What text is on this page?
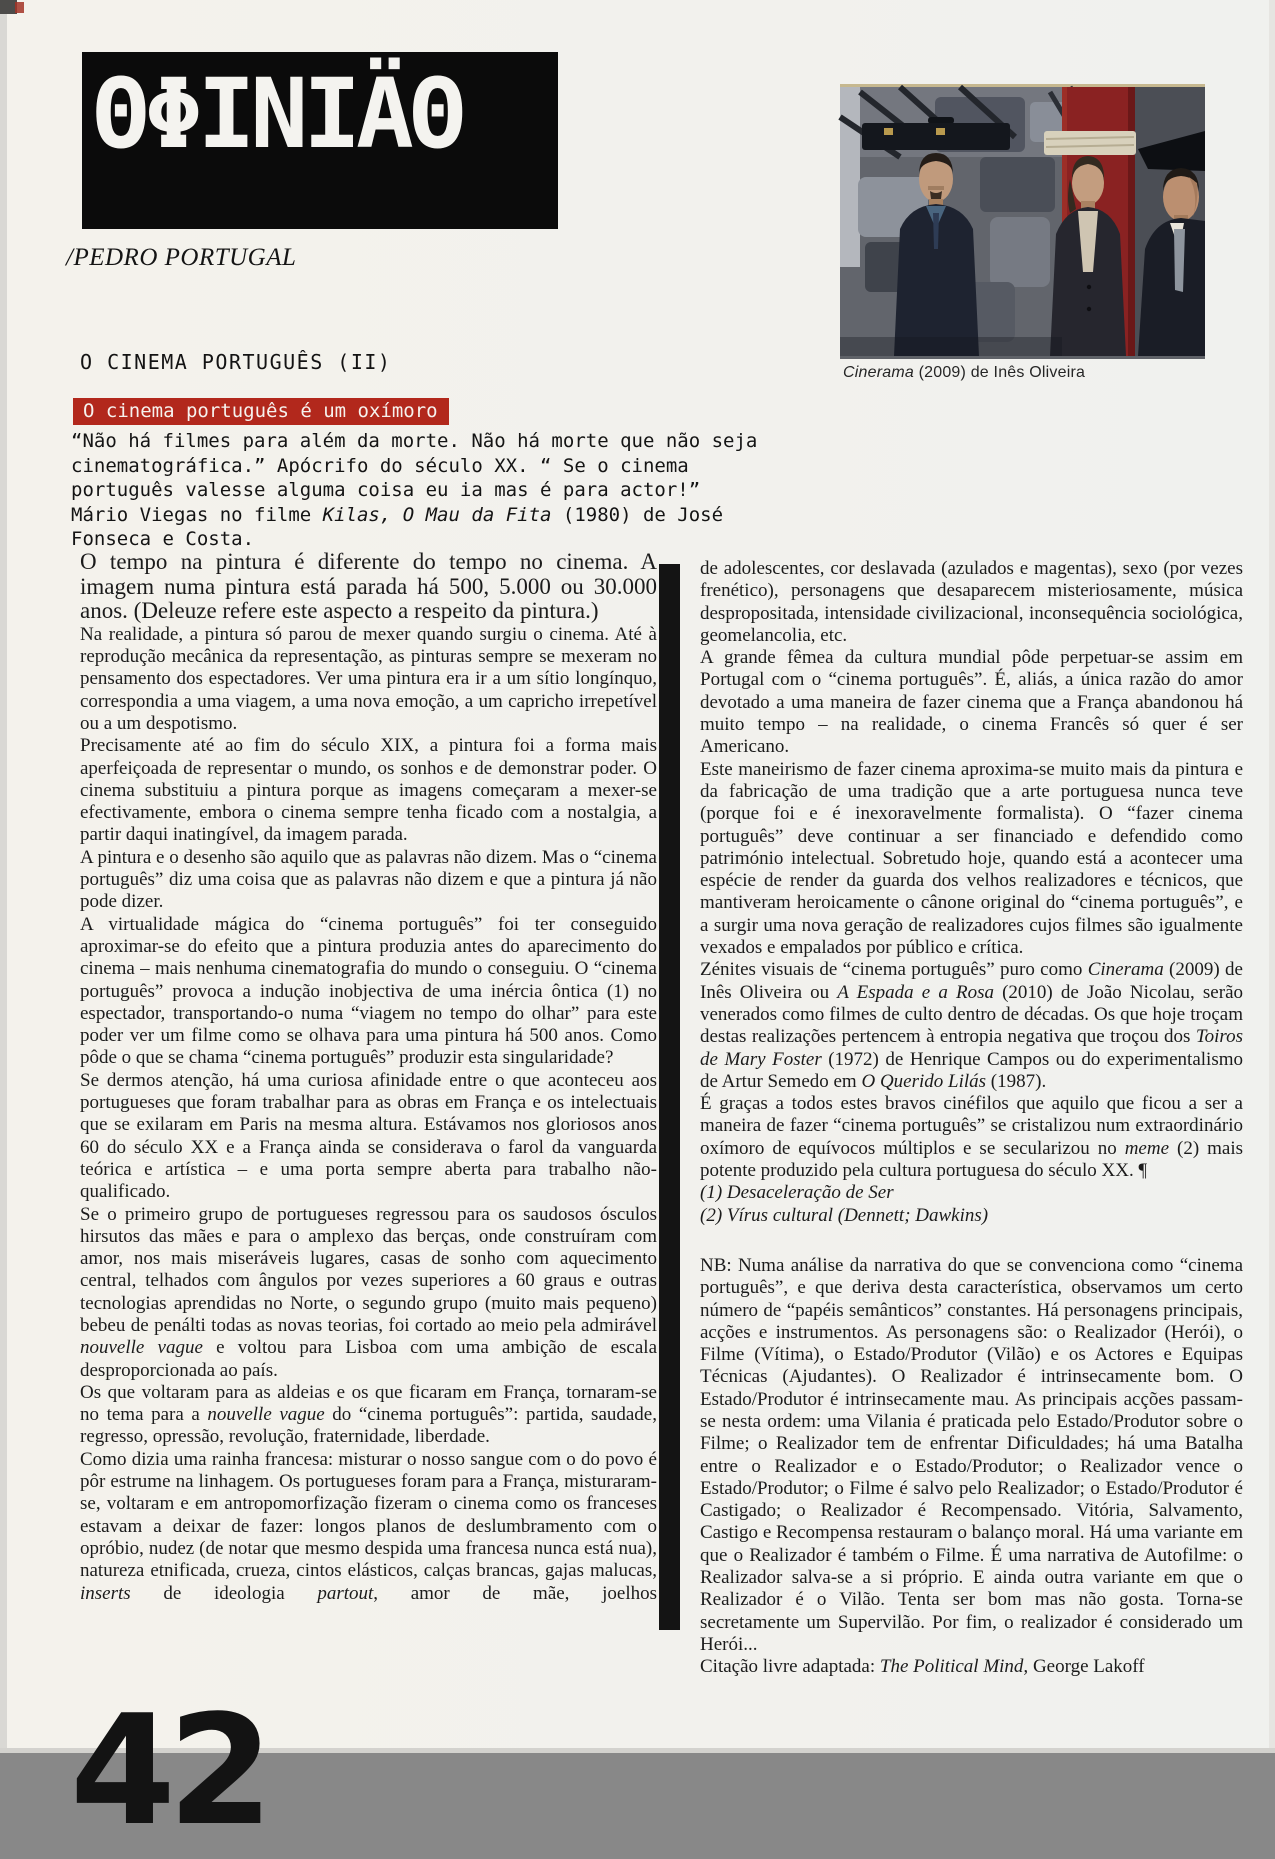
ΘΦINIÄΘ
/PEDRO PORTUGAL
Cinerama (2009) de Inês Oliveira
O CINEMA PORTUGUÊS (II)
O cinema português é um oxímoro
“Não há filmes para além da morte. Não há morte que não seja cinematográfica.” Apócrifo do século XX. “ Se o cinema português valesse alguma coisa eu ia mas é para actor!” Mário Viegas no filme Kilas, O Mau da Fita (1980) de José Fonseca e Costa.

O tempo na pintura é diferente do tempo no cinema. A imagem numa pintura está parada há 500, 5.000 ou 30.000 anos. (Deleuze refere este aspecto a respeito da pintura.)

Na realidade, a pintura só parou de mexer quando surgiu o cinema. Até à reprodução mecânica da representação, as pinturas sempre se mexeram no pensamento dos espectadores. Ver uma pintura era ir a um sítio longínquo, correspondia a uma viagem, a uma nova emoção, a um capricho irrepetível ou a um despotismo.

Precisamente até ao fim do século XIX, a pintura foi a forma mais aperfeiçoada de representar o mundo, os sonhos e de demonstrar poder. O cinema substituiu a pintura porque as imagens começaram a mexer-se efectivamente, embora o cinema sempre tenha ficado com a nostalgia, a partir daqui inatingível, da imagem parada.

A pintura e o desenho são aquilo que as palavras não dizem. Mas o “cinema português” diz uma coisa que as palavras não dizem e que a pintura já não pode dizer.

A virtualidade mágica do “cinema português” foi ter conseguido aproximar-se do efeito que a pintura produzia antes do aparecimento do cinema – mais nenhuma cinematografia do mundo o conseguiu. O “cinema português” provoca a indução inobjectiva de uma inércia ôntica (1) no espectador, transportando-o numa “viagem no tempo do olhar” para este poder ver um filme como se olhava para uma pintura há 500 anos. Como pôde o que se chama “cinema português” produzir esta singularidade?

Se dermos atenção, há uma curiosa afinidade entre o que aconteceu aos portugueses que foram trabalhar para as obras em França e os intelectuais que se exilaram em Paris na mesma altura. Estávamos nos gloriosos anos 60 do século XX e a França ainda se considerava o farol da vanguarda teórica e artística – e uma porta sempre aberta para trabalho não-qualificado.

Se o primeiro grupo de portugueses regressou para os saudosos ósculos hirsutos das mães e para o amplexo das berças, onde construíram com amor, nos mais miseráveis lugares, casas de sonho com aquecimento central, telhados com ângulos por vezes superiores a 60 graus e outras tecnologias aprendidas no Norte, o segundo grupo (muito mais pequeno) bebeu de penálti todas as novas teorias, foi cortado ao meio pela admirável nouvelle vague e voltou para Lisboa com uma ambição de escala desproporcionada ao país.

Os que voltaram para as aldeias e os que ficaram em França, tornaram-se no tema para a nouvelle vague do “cinema português”: partida, saudade, regresso, opressão, revolução, fraternidade, liberdade.

Como dizia uma rainha francesa: misturar o nosso sangue com o do povo é pôr estrume na linhagem. Os portugueses foram para a França, misturaram-se, voltaram e em antropomorfização fizeram o cinema como os franceses estavam a deixar de fazer: longos planos de deslumbramento com o opróbio, nudez (de notar que mesmo despida uma francesa nunca está nua), natureza etnificada, crueza, cintos elásticos, calças brancas, gajas malucas, inserts de ideologia partout, amor de mãe, joelhos

de adolescentes, cor deslavada (azulados e magentas), sexo (por vezes frenético), personagens que desaparecem misteriosamente, música despropositada, intensidade civilizacional, inconsequência sociológica, geomelancolia, etc.

A grande fêmea da cultura mundial pôde perpetuar-se assim em Portugal com o “cinema português”. É, aliás, a única razão do amor devotado a uma maneira de fazer cinema que a França abandonou há muito tempo – na realidade, o cinema Francês só quer é ser Americano.

Este maneirismo de fazer cinema aproxima-se muito mais da pintura e da fabricação de uma tradição que a arte portuguesa nunca teve (porque foi e é inexoravelmente formalista). O “fazer cinema português” deve continuar a ser financiado e defendido como património intelectual. Sobretudo hoje, quando está a acontecer uma espécie de render da guarda dos velhos realizadores e técnicos, que mantiveram heroicamente o cânone original do “cinema português”, e a surgir uma nova geração de realizadores cujos filmes são igualmente vexados e empalados por público e crítica.

Zénites visuais de “cinema português” puro como Cinerama (2009) de Inês Oliveira ou A Espada e a Rosa (2010) de João Nicolau, serão venerados como filmes de culto dentro de décadas. Os que hoje troçam destas realizações pertencem à entropia negativa que troçou dos Toiros de Mary Foster (1972) de Henrique Campos ou do experimentalismo de Artur Semedo em O Querido Lilás (1987).

É graças a todos estes bravos cinéfilos que aquilo que ficou a ser a maneira de fazer “cinema português” se cristalizou num extraordinário oxímoro de equívocos múltiplos e se secularizou no meme (2) mais potente produzido pela cultura portuguesa do século XX. ¶

(1) Desaceleração de Ser

(2) Vírus cultural (Dennett; Dawkins)

NB: Numa análise da narrativa do que se convenciona como “cinema português”, e que deriva desta característica, observamos um certo número de “papéis semânticos” constantes. Há personagens principais, acções e instrumentos. As personagens são: o Realizador (Herói), o Filme (Vítima), o Estado/Produtor (Vilão) e os Actores e Equipas Técnicas (Ajudantes). O Realizador é intrinsecamente bom. O Estado/Produtor é intrinsecamente mau. As principais acções passam-se nesta ordem: uma Vilania é praticada pelo Estado/Produtor sobre o Filme; o Realizador tem de enfrentar Dificuldades; há uma Batalha entre o Realizador e o Estado/Produtor; o Realizador vence o Estado/Produtor; o Filme é salvo pelo Realizador; o Estado/Produtor é Castigado; o Realizador é Recompensado. Vitória, Salvamento, Castigo e Recompensa restauram o balanço moral. Há uma variante em que o Realizador é também o Filme. É uma narrativa de Autofilme: o Realizador salva-se a si próprio. E ainda outra variante em que o Realizador é o Vilão. Tenta ser bom mas não gosta. Torna-se secretamente um Supervilão. Por fim, o realizador é considerado um Herói...

Citação livre adaptada: The Political Mind, George Lakoff

42
